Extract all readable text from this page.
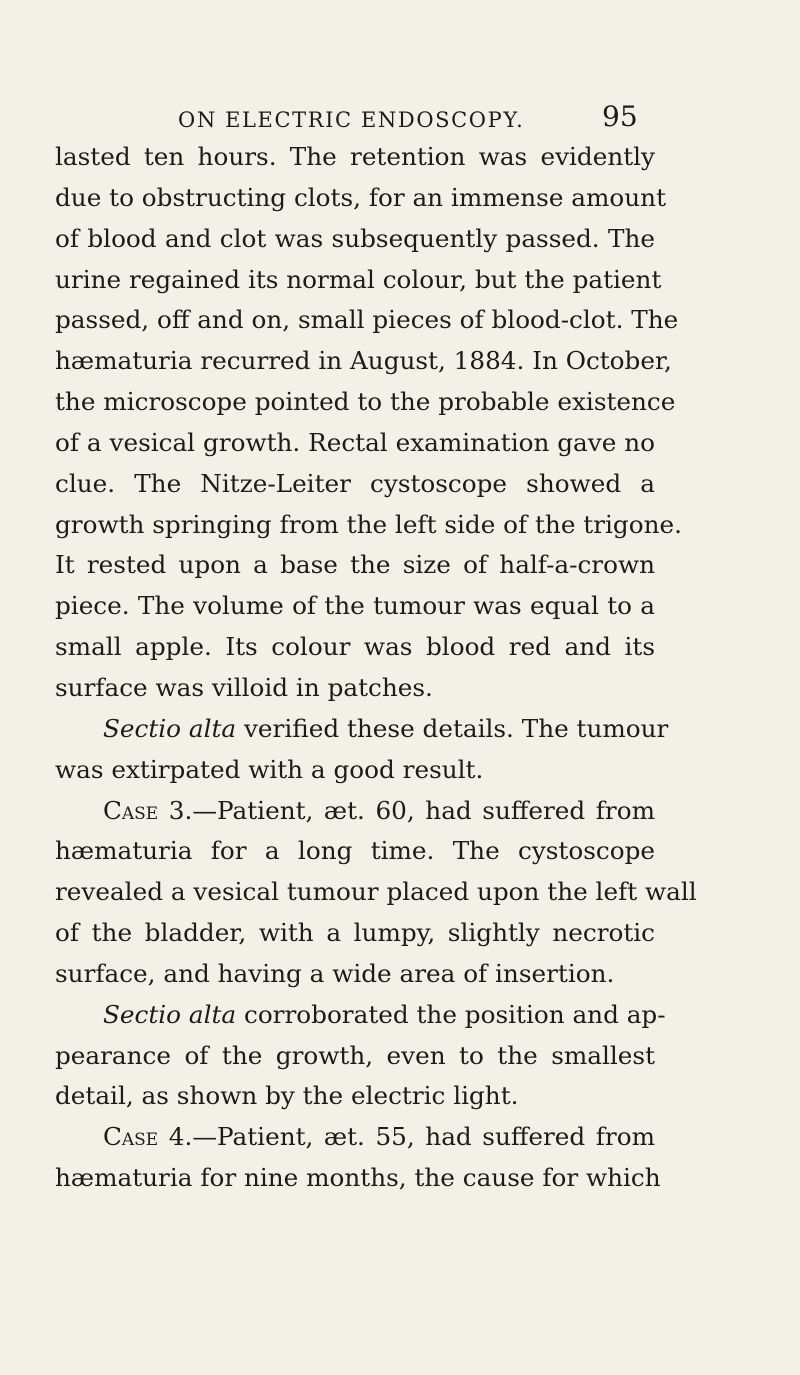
ON ELECTRIC ENDOSCOPY.	95
lasted ten hours. The retention was evidently
due to obstructing clots, for an immense amount
of blood and clot was subsequently passed. The
urine regained its normal colour, but the patient
passed, off and on, small pieces of blood-clot. The
hæmaturia recurred in August, 1884. In October,
the microscope pointed to the probable existence
of a vesical growth. Rectal examination gave no
clue. The Nitze-Leiter cystoscope showed a
growth springing from the left side of the trigone.
It rested upon a base the size of half-a-crown
piece. The volume of the tumour was equal to a
small apple. Its colour was blood red and its
surface was villoid in patches.
Sectio alta verified these details. The tumour
was extirpated with a good result.
Case 3.—Patient, æt. 60, had suffered from
hæmaturia for a long time. The cystoscope
revealed a vesical tumour placed upon the left wall
of the bladder, with a lumpy, slightly necrotic
surface, and having a wide area of insertion.
Sectio alta corroborated the position and ap-
pearance of the growth, even to the smallest
detail, as shown by the electric light.
Case 4.—Patient, æt. 55, had suffered from
hæmaturia for nine months, the cause for which
